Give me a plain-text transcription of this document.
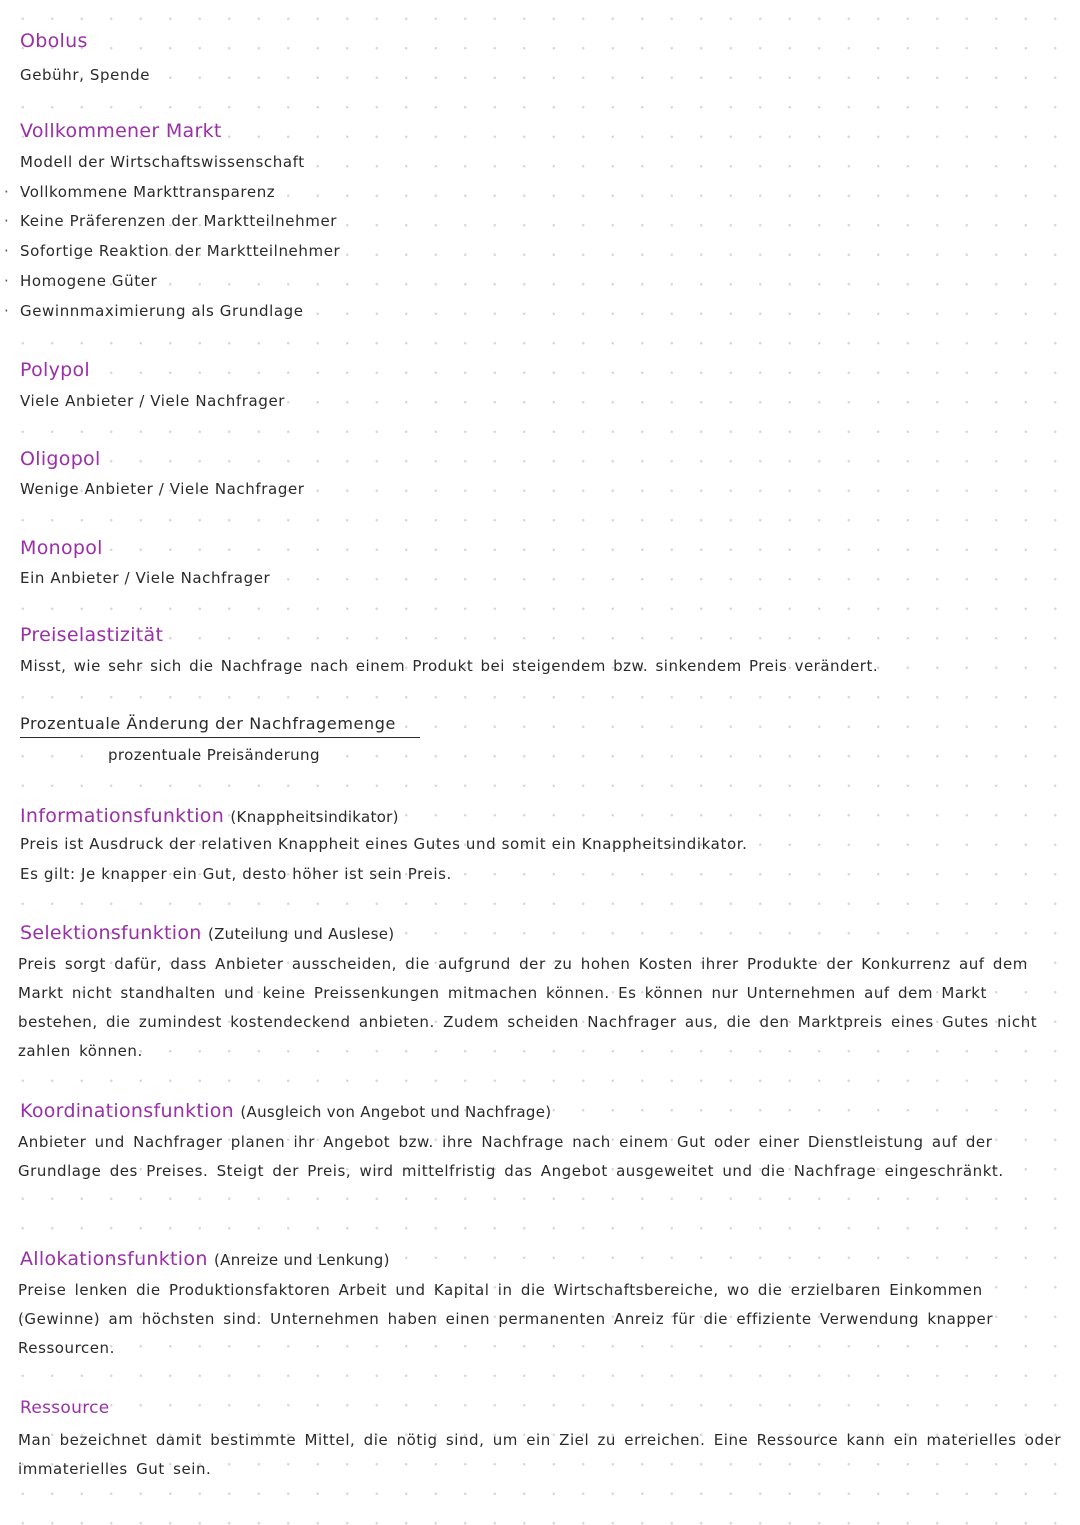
Obolus
Gebühr, Spende
Vollkommener Markt
Modell der Wirtschaftswissenschaft
· Vollkommene Markttransparenz
· Keine Präferenzen der Marktteilnehmer
· Sofortige Reaktion der Marktteilnehmer
· Homogene Güter
· Gewinnmaximierung als Grundlage
Polypol
Viele Anbieter / Viele Nachfrager
Oligopol
Wenige Anbieter / Viele Nachfrager
Monopol
Ein Anbieter / Viele Nachfrager
Preiselastizität
Misst, wie sehr sich die Nachfrage nach einem Produkt bei steigendem bzw. sinkendem Preis verändert.
Prozentuale Änderung der Nachfragemenge
prozentuale Preisänderung
Informationsfunktion (Knappheitsindikator)
Preis ist Ausdruck der relativen Knappheit eines Gutes und somit ein Knappheitsindikator.
Es gilt: Je knapper ein Gut, desto höher ist sein Preis.
Selektionsfunktion (Zuteilung und Auslese)
Preis sorgt dafür, dass Anbieter ausscheiden, die aufgrund der zu hohen Kosten ihrer Produkte der Konkurrenz auf dem Markt nicht standhalten und keine Preissenkungen mitmachen können. Es können nur Unternehmen auf dem Markt bestehen, die zumindest kostendeckend anbieten. Zudem scheiden Nachfrager aus, die den Marktpreis eines Gutes nicht zahlen können.
Koordinationsfunktion (Ausgleich von Angebot und Nachfrage)
Anbieter und Nachfrager planen ihr Angebot bzw. ihre Nachfrage nach einem Gut oder einer Dienstleistung auf der Grundlage des Preises. Steigt der Preis, wird mittelfristig das Angebot ausgeweitet und die Nachfrage eingeschränkt.
Allokationsfunktion (Anreize und Lenkung)
Preise lenken die Produktionsfaktoren Arbeit und Kapital in die Wirtschaftsbereiche, wo die erzielbaren Einkommen (Gewinne) am höchsten sind. Unternehmen haben einen permanenten Anreiz für die effiziente Verwendung knapper Ressourcen.
Ressource
Man bezeichnet damit bestimmte Mittel, die nötig sind, um ein Ziel zu erreichen. Eine Ressource kann ein materielles oder immaterielles Gut sein.
